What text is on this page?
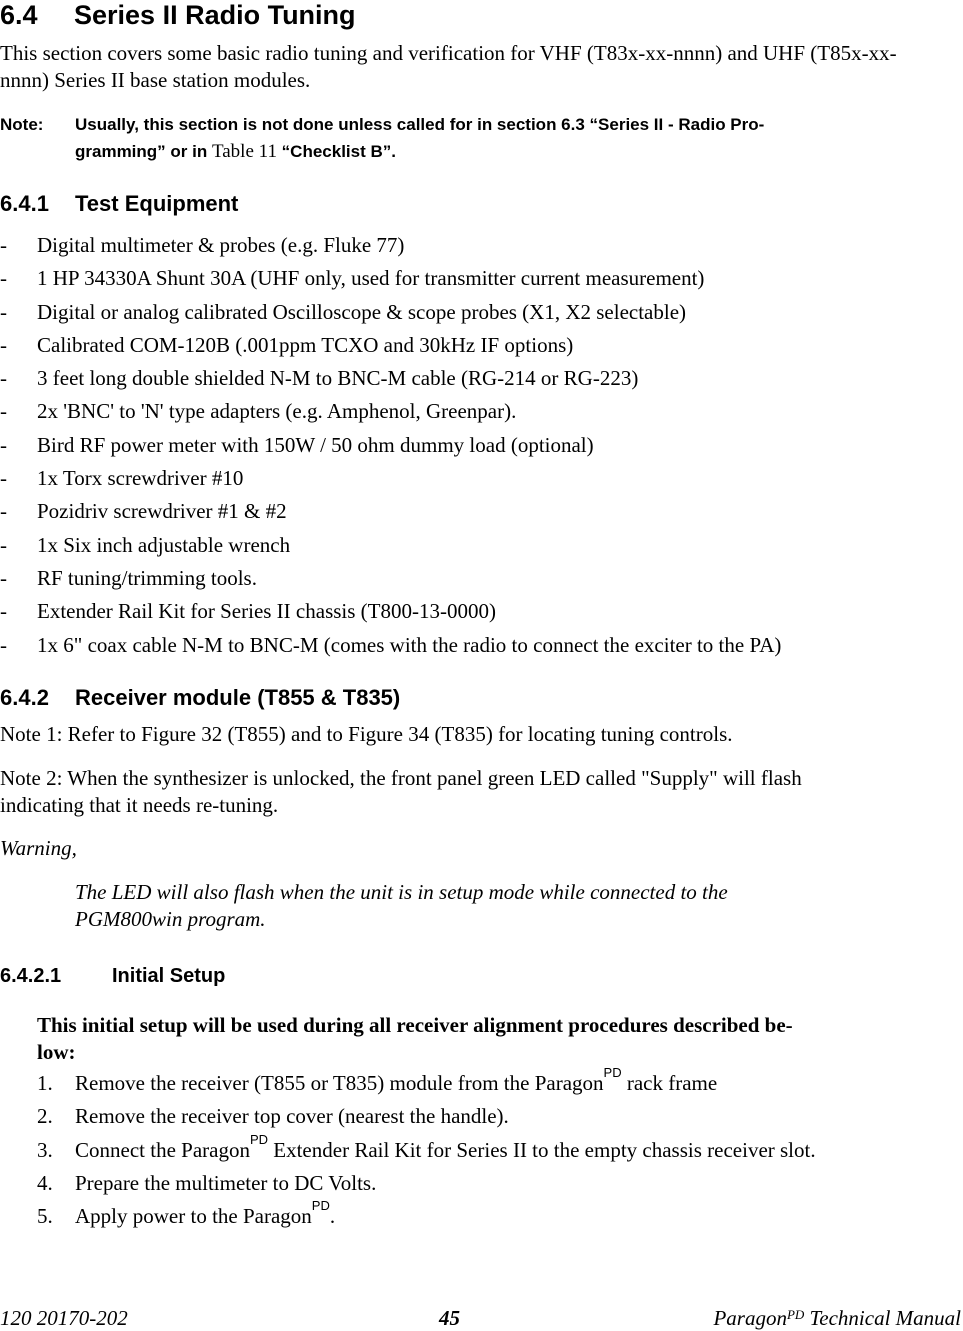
6.4 Series II Radio Tuning
This section covers some basic radio tuning and verification for VHF (T83x-xx-nnnn) and UHF (T85x-xx-nnnn) Series II base station modules.
Note: Usually, this section is not done unless called for in section 6.3 “Series II - Radio Pro-
gramming” or in Table 11 “Checklist B”.
6.4.1 Test Equipment
- Digital multimeter & probes (e.g. Fluke 77)
- 1 HP 34330A Shunt 30A (UHF only, used for transmitter current measurement)
- Digital or analog calibrated Oscilloscope & scope probes (X1, X2 selectable)
- Calibrated COM-120B (.001ppm TCXO and 30kHz IF options)
- 3 feet long double shielded N-M to BNC-M cable (RG-214 or RG-223)
- 2x 'BNC' to 'N' type adapters (e.g. Amphenol, Greenpar).
- Bird RF power meter with 150W / 50 ohm dummy load (optional)
- 1x Torx screwdriver #10
- Pozidriv screwdriver #1 & #2
- 1x Six inch adjustable wrench
- RF tuning/trimming tools.
- Extender Rail Kit for Series II chassis (T800-13-0000)
- 1x 6" coax cable N-M to BNC-M (comes with the radio to connect the exciter to the PA)
6.4.2 Receiver module (T855 & T835)
Note 1: Refer to Figure 32 (T855) and to Figure 34 (T835) for locating tuning controls.
Note 2: When the synthesizer is unlocked, the front panel green LED called "Supply" will flash
indicating that it needs re-tuning.
Warning,
The LED will also flash when the unit is in setup mode while connected to the
PGM800win program.
6.4.2.1	Initial Setup
This initial setup will be used during all receiver alignment procedures described be-
low:
1. Remove the receiver (T855 or T835) module from the Paragon$^{PD}$ rack frame
2. Remove the receiver top cover (nearest the handle).
3. Connect the Paragon$^{PD}$ Extender Rail Kit for Series II to the empty chassis receiver slot.
4. Prepare the multimeter to DC Volts.
5. Apply power to the Paragon$^{PD}$.
120 20170-202	45	Paragon$^{PD}$ Technical Manual
